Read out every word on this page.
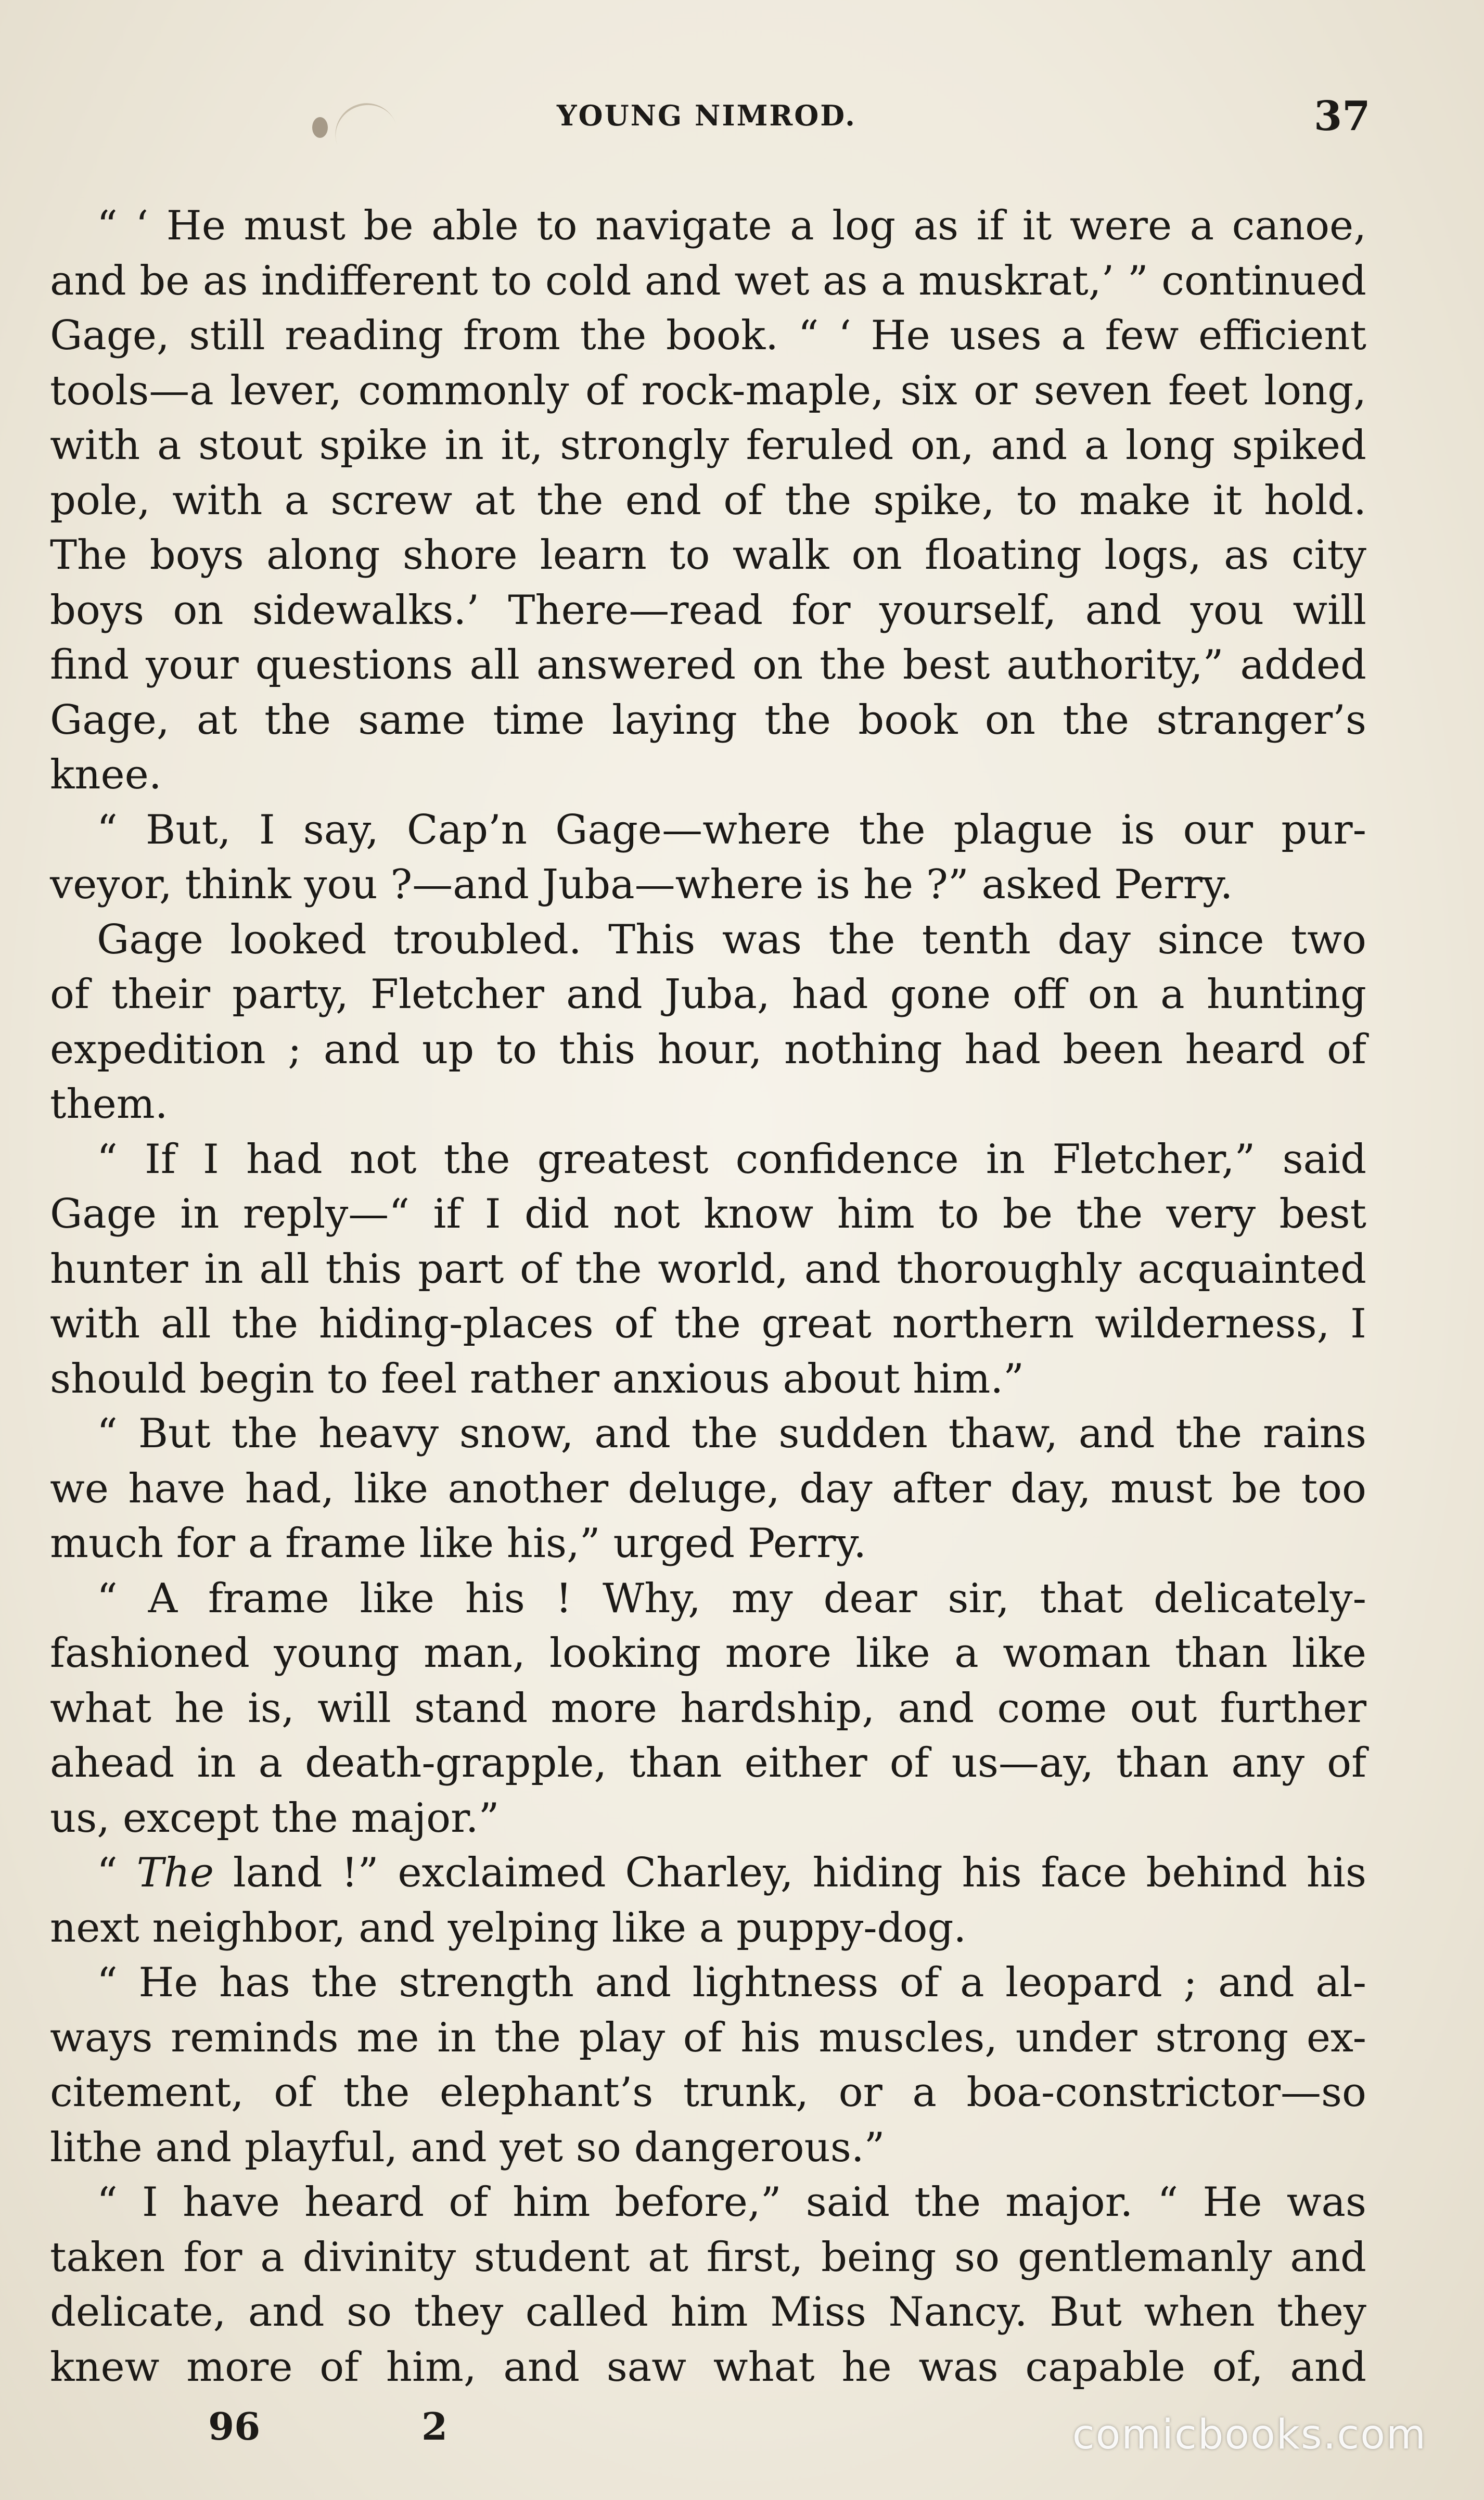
YOUNG NIMROD.	37
“ ‘ He must be able to navigate a log as if it were a canoe,
and be as indifferent to cold and wet as a muskrat,’ ” continued
Gage, still reading from the book. “ ‘ He uses a few efficient
tools—a lever, commonly of rock-maple, six or seven feet long,
with a stout spike in it, strongly feruled on, and a long spiked
pole, with a screw at the end of the spike, to make it hold.
The boys along shore learn to walk on floating logs, as city
boys on sidewalks.’ There—read for yourself, and you will
find your questions all answered on the best authority,” added
Gage, at the same time laying the book on the stranger’s
knee.
“ But, I say, Cap’n Gage—where the plague is our pur-
veyor, think you ?—and Juba—where is he ?” asked Perry.
Gage looked troubled. This was the tenth day since two
of their party, Fletcher and Juba, had gone off on a hunting
expedition ; and up to this hour, nothing had been heard of
them.
“ If I had not the greatest confidence in Fletcher,” said
Gage in reply—“ if I did not know him to be the very best
hunter in all this part of the world, and thoroughly acquainted
with all the hiding-places of the great northern wilderness, I
should begin to feel rather anxious about him.”
“ But the heavy snow, and the sudden thaw, and the rains
we have had, like another deluge, day after day, must be too
much for a frame like his,” urged Perry.
“ A frame like his ! Why, my dear sir, that delicately-
fashioned young man, looking more like a woman than like
what he is, will stand more hardship, and come out further
ahead in a death-grapple, than either of us—ay, than any of
us, except the major.”
“ The land !” exclaimed Charley, hiding his face behind his
next neighbor, and yelping like a puppy-dog.
“ He has the strength and lightness of a leopard ; and al-
ways reminds me in the play of his muscles, under strong ex-
citement, of the elephant’s trunk, or a boa-constrictor—so
lithe and playful, and yet so dangerous.”
“ I have heard of him before,” said the major. “ He was
taken for a divinity student at first, being so gentlemanly and
delicate, and so they called him Miss Nancy. But when they
knew more of him, and saw what he was capable of, and
96	2	comicbooks.com
